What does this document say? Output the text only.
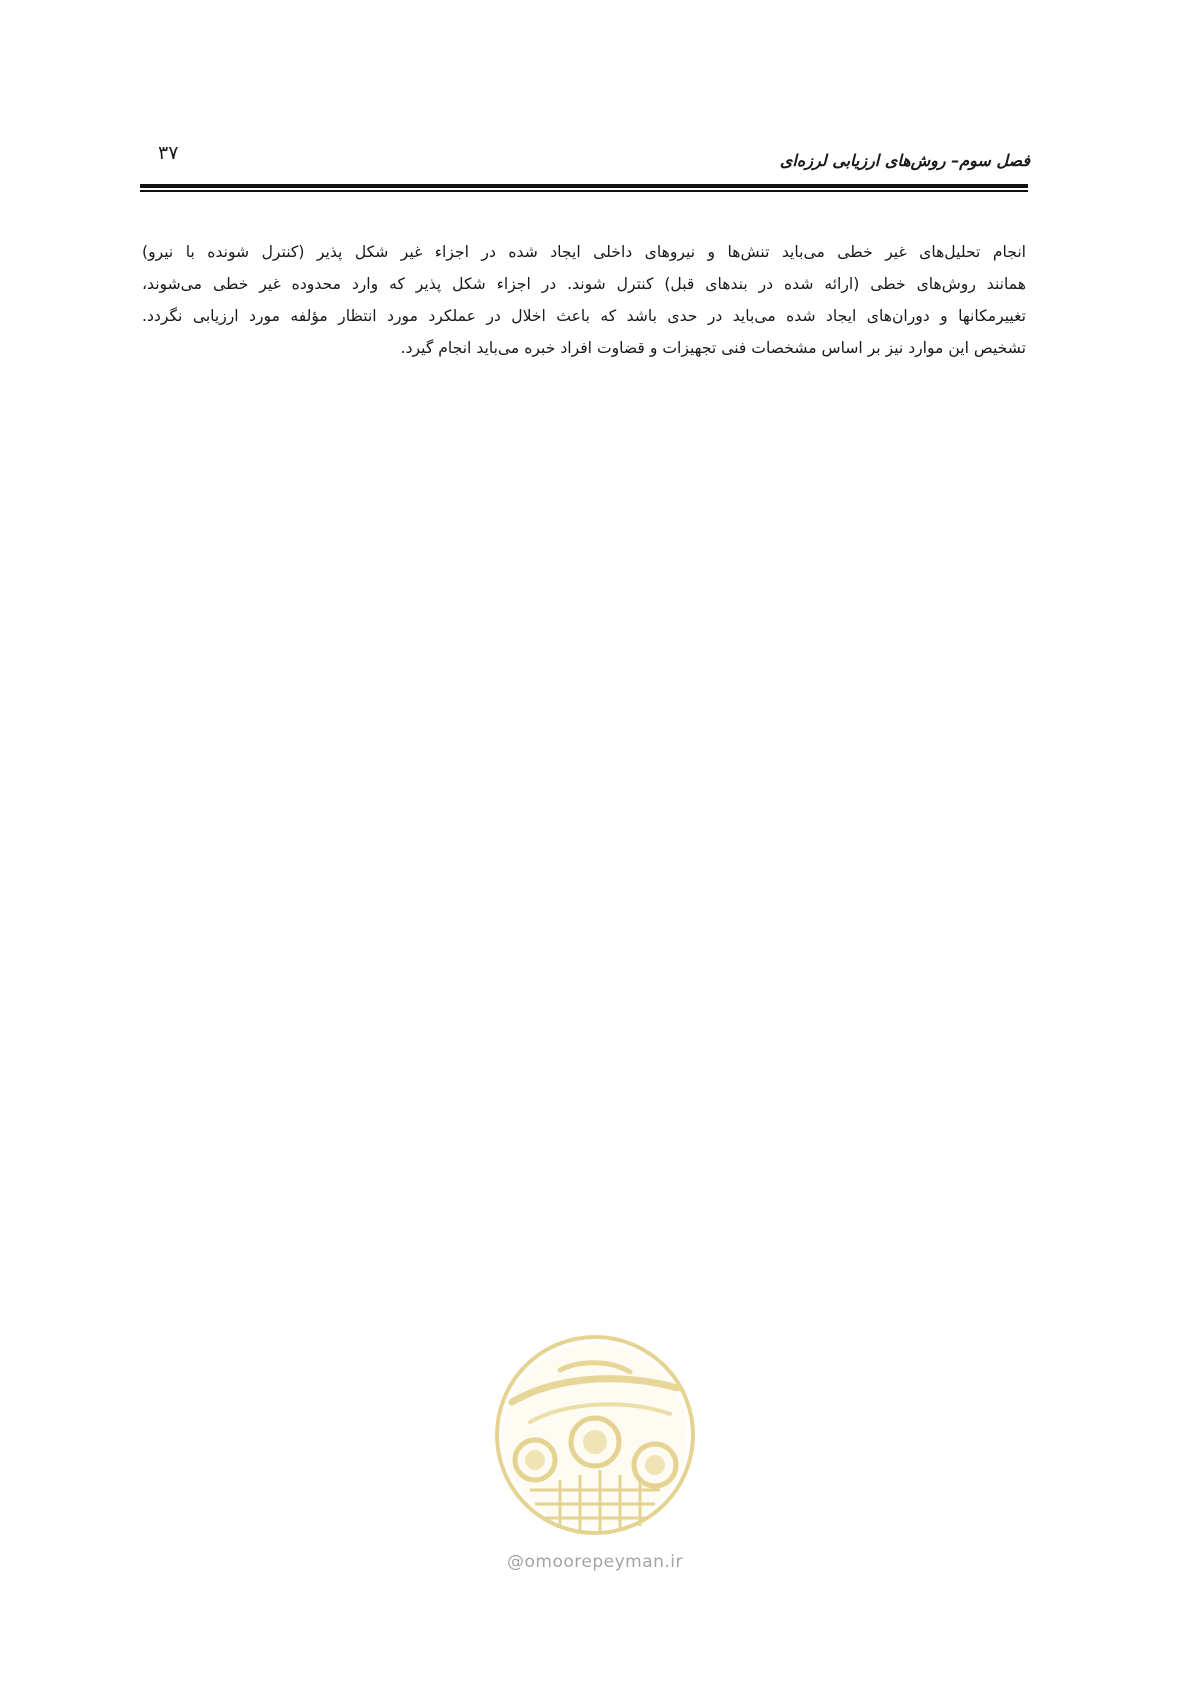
۳۷	فصل سوم– روش‌های ارزیابی لرزه‌ای
انجام تحلیل‌های غیر خطی می‌باید تنش‌ها و نیروهای داخلی ایجاد شده در اجزاء غیر شکل پذیر (کنترل شونده با نیرو)
همانند روش‌های خطی (ارائه شده در بندهای قبل) کنترل شوند. در اجزاء شکل پذیر که وارد محدوده غیر خطی می‌شوند،
تغییرمکانها و دوران‌های ایجاد شده می‌باید در حدی باشد که باعث اخلال در عملکرد مورد انتظار مؤلفه مورد ارزیابی نگردد.
تشخیص این موارد نیز بر اساس مشخصات فنی تجهیزات و قضاوت افراد خبره می‌باید انجام گیرد.
@omoorepeyman.ir
